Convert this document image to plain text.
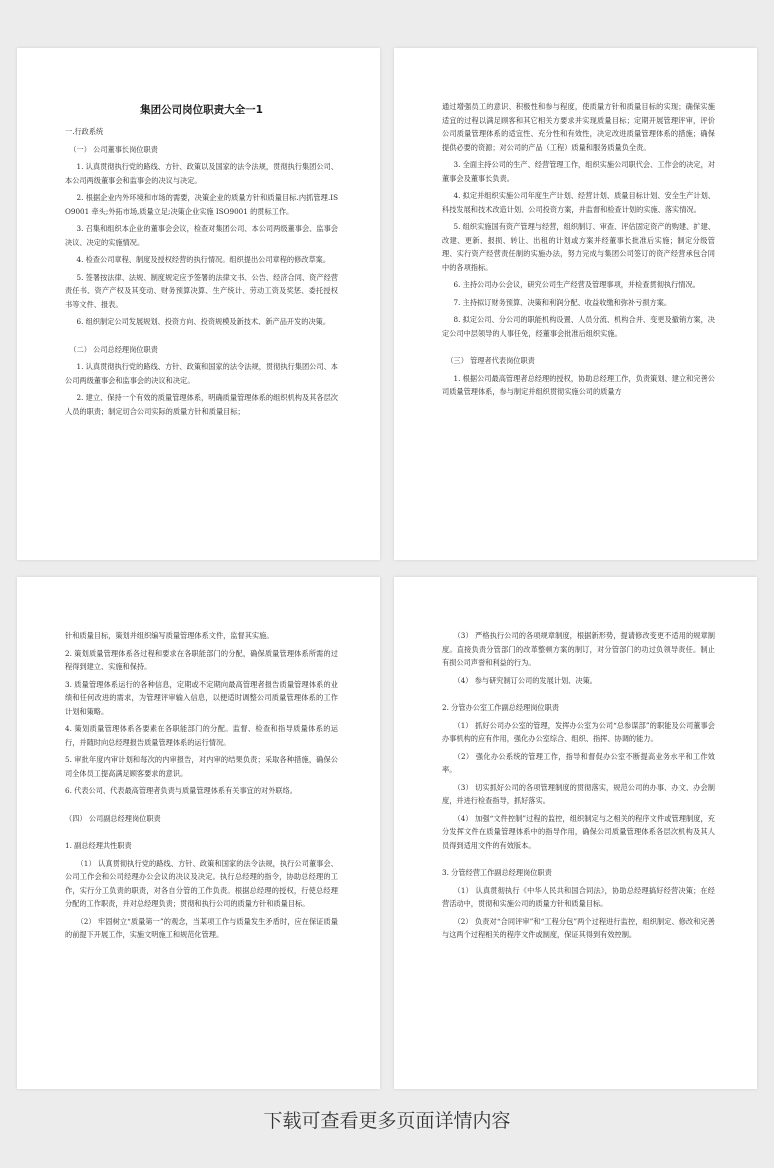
集团公司岗位职责大全一1
一.行政系统
（一） 公司董事长岗位职责

1. 认真贯彻执行党的路线、方针、政策以及国家的法令法规，贯彻执行集团公司、本公司两级董事会和监事会的决议与决定。

2. 根据企业内外环境和市场的需要，决策企业的质量方针和质量目标.内抓管理.ISO9001 牵头;外拓市场,质量立足;决策企业实施 ISO9001 的贯标工作。

3. 召集和组织本企业的董事会会议，检查对集团公司、本公司两级董事会、监事会决议、决定的实施情况。

4. 检查公司章程、制度及授权经营的执行情况。组织提出公司章程的修改草案。

5. 签署按法律、法规、制度规定应予签署的法律文书、公告、经济合同、资产经营责任书、资产产权及其变动、财务预算决算、生产统计、劳动工资及奖惩、委托授权书等文件、报表。

6. 组织制定公司发展规划、投资方向、投资规模及新技术、新产品开发的决策。

（二） 公司总经理岗位职责

1. 认真贯彻执行党的路线、方针、政策和国家的法令法规，贯彻执行集团公司、本公司两级董事会和监事会的决议和决定。

2. 建立、保持一个有效的质量管理体系，明确质量管理体系的组织机构及其各层次人员的职责；制定切合公司实际的质量方针和质量目标；

通过增强员工的意识、积极性和参与程度，使质量方针和质量目标的实现；确保实施适宜的过程以满足顾客和其它相关方要求并实现质量目标；定期开展管理评审，评价公司质量管理体系的适宜性、充分性和有效性，决定改进质量管理体系的措施；确保提供必要的资源；对公司的产品（工程）质量和服务质量负全责。

3. 全面主持公司的生产、经营管理工作，组织实施公司职代会、工作会的决定，对董事会及董事长负责。

4. 拟定并组织实施公司年度生产计划、经营计划、质量目标计划、安全生产计划、科技发展和技术改造计划、公司投资方案，并监督和检查计划的实施、落实情况。

5. 组织实施国有资产管理与经营，组织制订、审查、评估固定资产的购建、扩建、改建、更新、报损、转让、出租的计划或方案并经董事长批准后实施；制定分级管理、实行资产经营责任制的实施办法，努力完成与集团公司签订的资产经营承包合同中的各项指标。

6. 主持公司办公会议，研究公司生产经营及管理事项，并检查贯彻执行情况。

7. 主持拟订财务预算、决策和利润分配、收益收缴和弥补亏损方案。

8. 拟定公司、分公司的职能机构设置、人员分流、机构合并、变更及撤销方案，决定公司中层领导的人事任免，经董事会批准后组织实施。

（三） 管理者代表岗位职责

1. 根据公司最高管理者总经理的授权，协助总经理工作，负责策划、建立和完善公司质量管理体系，参与制定并组织贯彻实施公司的质量方

针和质量目标，策划并组织编写质量管理体系文件，监督其实施。

2. 策划质量管理体系各过程和要求在各职能部门的分配，确保质量管理体系所需的过程得到建立、实施和保持。

3. 质量管理体系运行的各种信息，定期或不定期向最高管理者报告质量管理体系的业绩和任何改进的需求，为管理评审输入信息，以便适时调整公司质量管理体系的工作计划和策略。

4. 策划质量管理体系各要素在各职能部门的分配。监督、检查和指导质量体系的运行，并随时向总经理报告质量管理体系的运行情况。

5. 审批年度内审计划和每次的内审报告，对内审的结果负责；采取各种措施，确保公司全体员工提高满足顾客要求的意识。

6. 代表公司、代表最高管理者负责与质量管理体系有关事宜的对外联络。

（四） 公司副总经理岗位职责
1. 副总经理共性职责

（1） 认真贯彻执行党的路线、方针、政策和国家的法令法规，执行公司董事会、公司工作会和公司经理办公会议的决议及决定。执行总经理的指令，协助总经理的工作，实行分工负责的职责，对各自分管的工作负责。根据总经理的授权，行使总经理分配的工作职责，并对总经理负责；贯彻和执行公司的质量方针和质量目标。

（2） 牢固树立“质量第一”的观念，当某项工作与质量发生矛盾时，应在保证质量的前提下开展工作，实施文明施工和规范化管理。

（3） 严格执行公司的各项规章制度，根据新形势，提请修改变更不适用的规章制度。直接负责分管部门的改革整顿方案的制订，对分管部门的功过负领导责任。制止有损公司声誉和利益的行为。

（4） 参与研究制订公司的发展计划、决策。

2. 分管办公室工作副总经理岗位职责

（1） 抓好公司办公室的管理，发挥办公室为公司“总参谋部”的职能及公司董事会办事机构的应有作用，强化办公室综合、组织、指挥、协调的能力。

（2） 强化办公系统的管理工作，指导和督促办公室不断提高业务水平和工作效率。

（3） 切实抓好公司的各项管理制度的贯彻落实，规范公司的办事、办文、办会制度，并进行检查指导，抓好落实。

（4） 加强“文件控制”过程的监控，组织制定与之相关的程序文件或管理制度，充分发挥文件在质量管理体系中的指导作用，确保公司质量管理体系各层次机构及其人员得到适用文件的有效版本。

3. 分管经营工作副总经理岗位职责

（1） 认真贯彻执行《中华人民共和国合同法》，协助总经理搞好经营决策；在经营活动中，贯彻和实施公司的质量方针和质量目标。

（2） 负责对“合同评审”和“工程分包”两个过程进行监控，组织制定、修改和完善与这两个过程相关的程序文件或制度，保证其得到有效控制。

下载可查看更多页面详情内容
